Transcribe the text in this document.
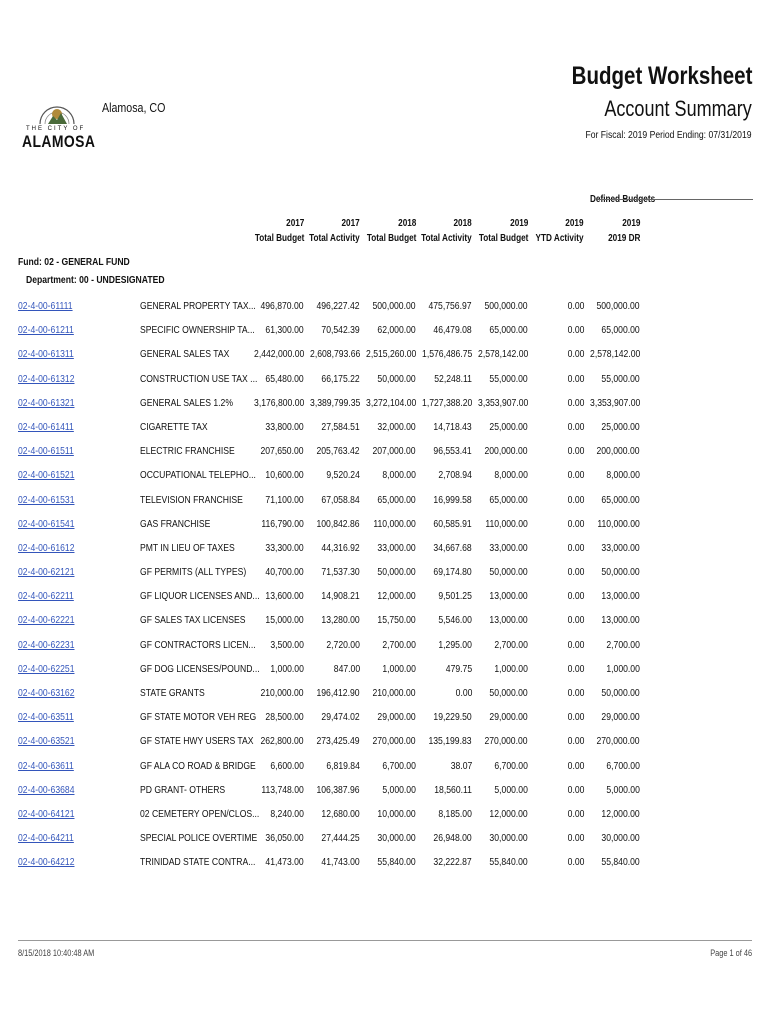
THE CITY OF
ALAMOSA
Alamosa, CO
Budget Worksheet
Account Summary
For Fiscal: 2019 Period Ending: 07/31/2019
Defined Budgets
2017
Total Budget
2017
Total Activity
2018
Total Budget
2018
Total Activity
2019
Total Budget
2019
YTD Activity
2019
2019 DR
Fund: 02 - GENERAL FUND
Department: 00 - UNDESIGNATED
02-4-00-61111	GENERAL PROPERTY TAX... 496,870.00 496,227.42 500,000.00 475,756.97 500,000.00	0.00 500,000.00
02-4-00-61211	SPECIFIC OWNERSHIP TA... 61,300.00 70,542.39 62,000.00 46,479.08 65,000.00	0.00 65,000.00
02-4-00-61311	GENERAL SALES TAX 2,442,000.00 2,608,793.66 2,515,260.00 1,576,486.75 2,578,142.00	0.00 2,578,142.00
02-4-00-61312	CONSTRUCTION USE TAX ... 65,480.00 66,175.22 50,000.00 52,248.11 55,000.00	0.00 55,000.00
02-4-00-61321	GENERAL SALES 1.2% 3,176,800.00 3,389,799.35 3,272,104.00 1,727,388.20 3,353,907.00	0.00 3,353,907.00
02-4-00-61411	CIGARETTE TAX	33,800.00 27,584.51 32,000.00 14,718.43 25,000.00	0.00 25,000.00
02-4-00-61511	ELECTRIC FRANCHISE 207,650.00 205,763.42 207,000.00 96,553.41 200,000.00	0.00 200,000.00
02-4-00-61521	OCCUPATIONAL TELEPHO... 10,600.00 9,520.24 8,000.00 2,708.94 8,000.00	0.00 8,000.00
02-4-00-61531	TELEVISION FRANCHISE 71,100.00 67,058.84 65,000.00 16,999.58 65,000.00	0.00 65,000.00
02-4-00-61541	GAS FRANCHISE	116,790.00 100,842.86 110,000.00 60,585.91 110,000.00	0.00 110,000.00
02-4-00-61612	PMT IN LIEU OF TAXES	33,300.00 44,316.92 33,000.00 34,667.68 33,000.00	0.00 33,000.00
02-4-00-62121	GF PERMITS (ALL TYPES) 40,700.00 71,537.30 50,000.00 69,174.80 50,000.00	0.00 50,000.00
02-4-00-62211	GF LIQUOR LICENSES AND... 13,600.00 14,908.21 12,000.00 9,501.25 13,000.00	0.00 13,000.00
02-4-00-62221	GF SALES TAX LICENSES 15,000.00 13,280.00 15,750.00 5,546.00 13,000.00	0.00 13,000.00
02-4-00-62231	GF CONTRACTORS LICEN... 3,500.00 2,720.00 2,700.00 1,295.00 2,700.00	0.00 2,700.00
02-4-00-62251	GF DOG LICENSES/POUND... 1,000.00	847.00 1,000.00	479.75 1,000.00	0.00 1,000.00
02-4-00-63162	STATE GRANTS	210,000.00 196,412.90 210,000.00	0.00 50,000.00	0.00 50,000.00
02-4-00-63511	GF STATE MOTOR VEH REG 28,500.00 29,474.02 29,000.00 19,229.50 29,000.00	0.00 29,000.00
02-4-00-63521	GF STATE HWY USERS TAX 262,800.00 273,425.49 270,000.00 135,199.83 270,000.00	0.00 270,000.00
02-4-00-63611	GF ALA CO ROAD & BRIDGE 6,600.00 6,819.84 6,700.00	38.07 6,700.00	0.00 6,700.00
02-4-00-63684	PD GRANT- OTHERS	113,748.00 106,387.96 5,000.00 18,560.11 5,000.00	0.00 5,000.00
02-4-00-64121	02 CEMETERY OPEN/CLOS... 8,240.00 12,680.00 10,000.00 8,185.00 12,000.00	0.00 12,000.00
02-4-00-64211	SPECIAL POLICE OVERTIME 36,050.00 27,444.25 30,000.00 26,948.00 30,000.00	0.00 30,000.00
02-4-00-64212	TRINIDAD STATE CONTRA... 41,473.00 41,743.00 55,840.00 32,222.87 55,840.00	0.00 55,840.00
8/15/2018 10:40:48 AM	Page 1 of 46
